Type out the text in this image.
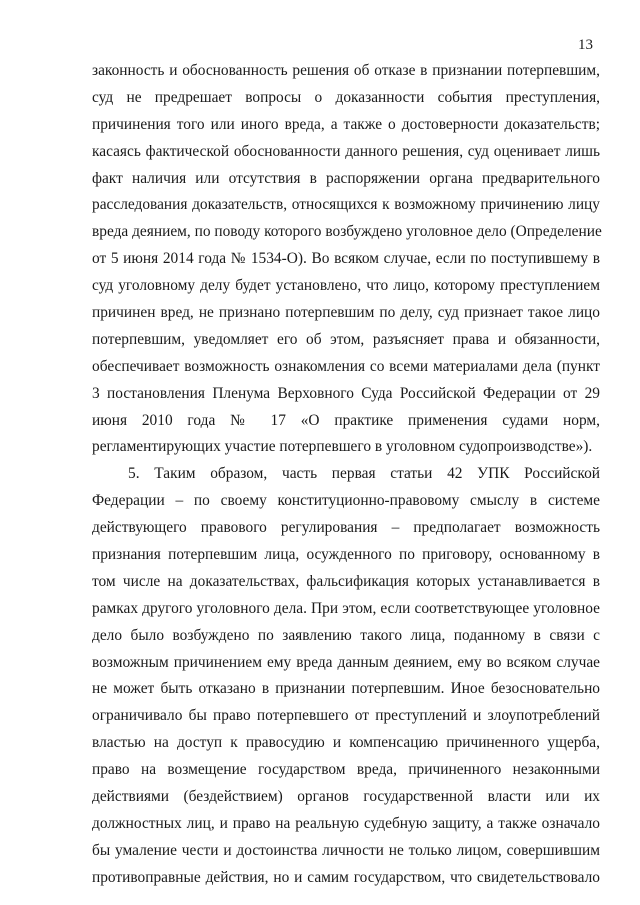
13
законность и обоснованность решения об отказе в признании потерпевшим,
суд не предрешает вопросы о доказанности события преступления,
причинения того или иного вреда, а также о достоверности доказательств;
касаясь фактической обоснованности данного решения, суд оценивает лишь
факт наличия или отсутствия в распоряжении органа предварительного
расследования доказательств, относящихся к возможному причинению лицу
вреда деянием, по поводу которого возбуждено уголовное дело (Определение
от 5 июня 2014 года № 1534-О). Во всяком случае, если по поступившему в
суд уголовному делу будет установлено, что лицо, которому преступлением
причинен вред, не признано потерпевшим по делу, суд признает такое лицо
потерпевшим, уведомляет его об этом, разъясняет права и обязанности,
обеспечивает возможность ознакомления со всеми материалами дела (пункт
3 постановления Пленума Верховного Суда Российской Федерации от 29
июня 2010 года № 17 «О практике применения судами норм,
регламентирующих участие потерпевшего в уголовном судопроизводстве»).
5. Таким образом, часть первая статьи 42 УПК Российской
Федерации – по своему конституционно-правовому смыслу в системе
действующего правового регулирования – предполагает возможность
признания потерпевшим лица, осужденного по приговору, основанному в
том числе на доказательствах, фальсификация которых устанавливается в
рамках другого уголовного дела. При этом, если соответствующее уголовное
дело было возбуждено по заявлению такого лица, поданному в связи с
возможным причинением ему вреда данным деянием, ему во всяком случае
не может быть отказано в признании потерпевшим. Иное безосновательно
ограничивало бы право потерпевшего от преступлений и злоупотреблений
властью на доступ к правосудию и компенсацию причиненного ущерба,
право на возмещение государством вреда, причиненного незаконными
действиями (бездействием) органов государственной власти или их
должностных лиц, и право на реальную судебную защиту, а также означало
бы умаление чести и достоинства личности не только лицом, совершившим
противоправные действия, но и самим государством, что свидетельствовало
